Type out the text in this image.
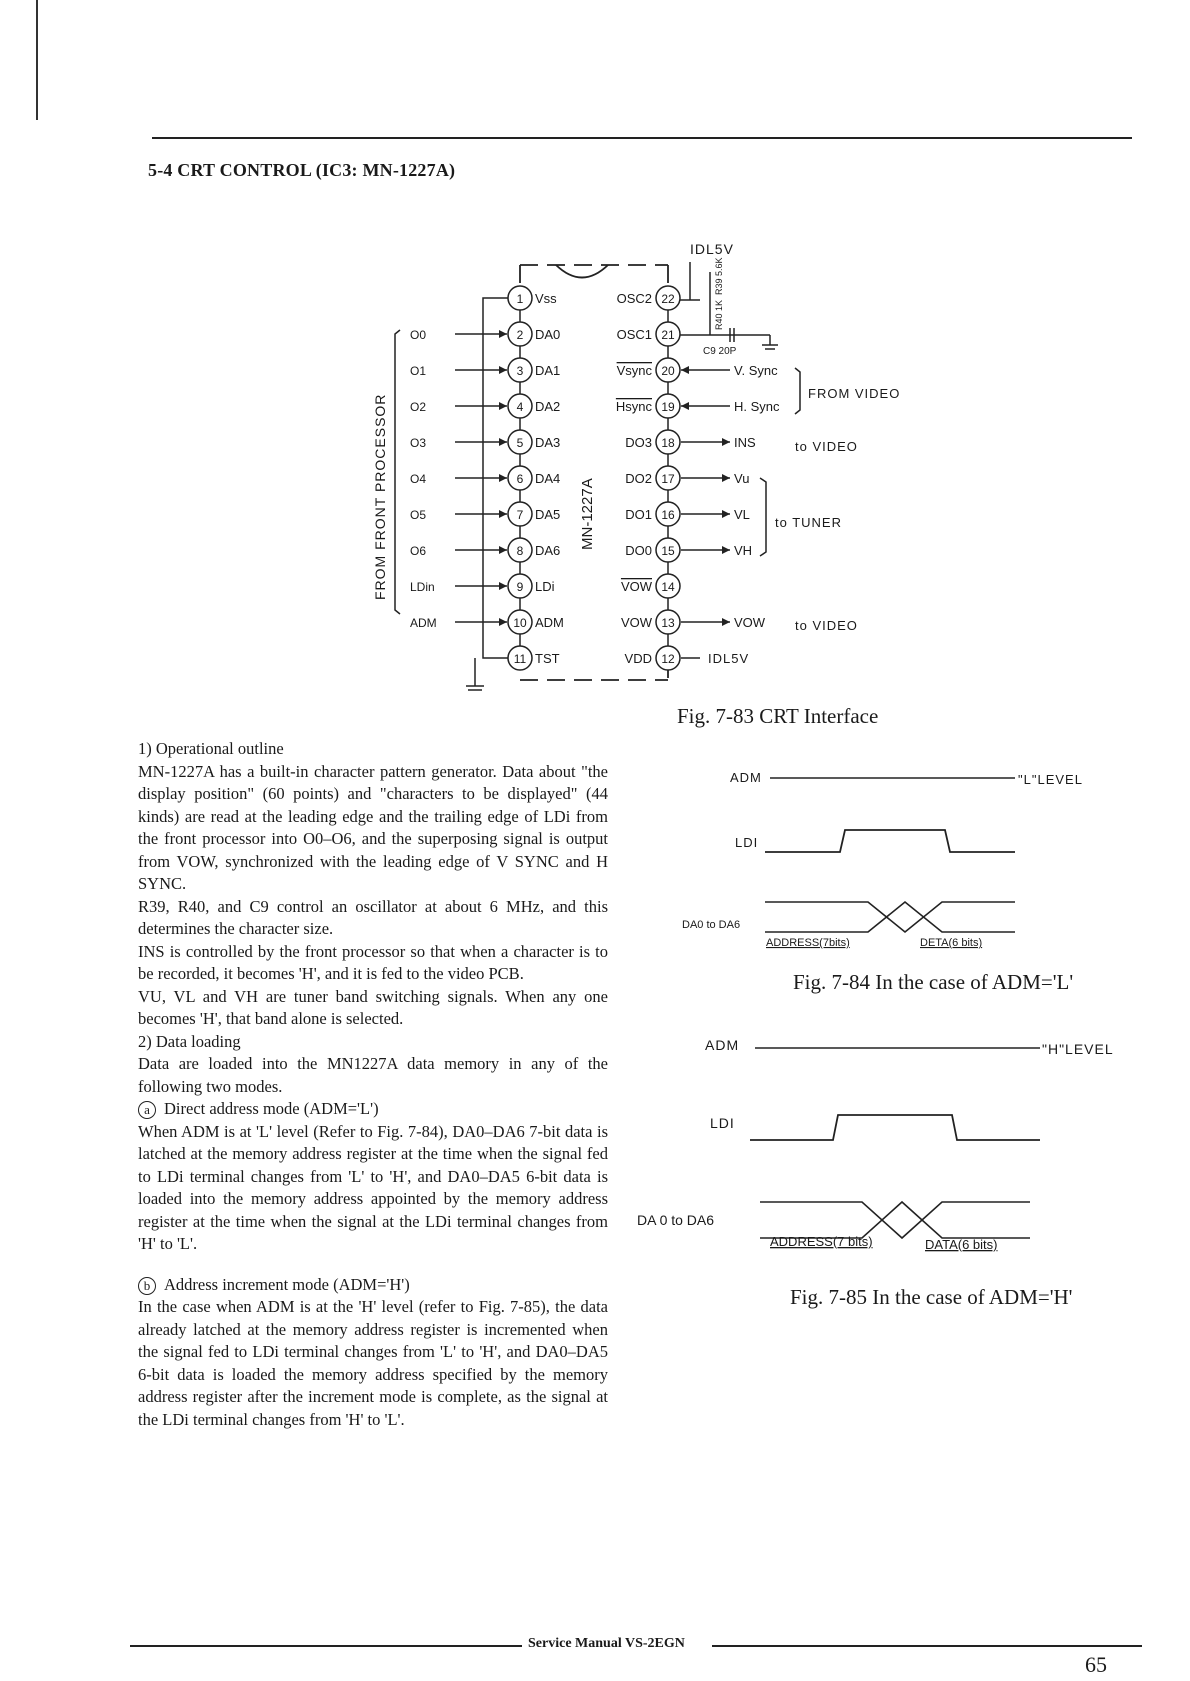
5-4 CRT CONTROL (IC3: MN-1227A)
IDL5V
MN-1227A
FROM FRONT PROCESSOR
1 Vss
2 DA0
O0
3 DA1
O1
4 DA2
O2
5 DA3
O3
6 DA4
O4
7 DA5
O5
8 DA6
O6
9 LDi
LDin
10 ADM
ADM
11 TST
22
OSC2
21
OSC1
20
Vsync
19
Hsync
18
DO3
17
DO2
16
DO1
15
DO0
14
VOW
13
VOW
12
VDD
V. Sync
H. Sync
INS
Vu
VL
VH
VOW
IDL5V
R39 5.6K
R40 1K
C9 20P
FROM VIDEO
to VIDEO
to TUNER
to VIDEO
Fig. 7-83 CRT Interface
ADM	"L"LEVEL
LDI
DA0 to DA6
ADDRESS(7bits)	DETA(6 bits)
Fig. 7-84 In the case of ADM='L'
ADM	"H"LEVEL
LDI
DA 0 to DA6
ADDRESS(7 bits)	DATA(6 bits)
Fig. 7-85 In the case of ADM='H'

1) Operational outline

MN-1227A has a built-in character pattern generator. Data about "the display position" (60 points) and "characters to be displayed" (44 kinds) are read at the leading edge and the trailing edge of LDi from the front processor into O0–O6, and the superposing signal is output from VOW, synchronized with the leading edge of V SYNC and H SYNC.

R39, R40, and C9 control an oscillator at about 6 MHz, and this determines the character size.

INS is controlled by the front processor so that when a character is to be recorded, it becomes 'H', and it is fed to the video PCB.

VU, VL and VH are tuner band switching signals. When any one becomes 'H', that band alone is selected.

2) Data loading

Data are loaded into the MN1227A data memory in any of the following two modes.

a Direct address mode (ADM='L')

When ADM is at 'L' level (Refer to Fig. 7-84), DA0–DA6 7-bit data is latched at the memory address register at the time when the signal fed to LDi terminal changes from 'L' to 'H', and DA0–DA5 6-bit data is loaded into the memory address appointed by the memory address register at the time when the signal at the LDi terminal changes from 'H' to 'L'.

b Address increment mode (ADM='H')

In the case when ADM is at the 'H' level (refer to Fig. 7-85), the data already latched at the memory address register is incremented when the signal fed to LDi terminal changes from 'L' to 'H', and DA0–DA5 6-bit data is loaded the memory address specified by the memory address register after the increment mode is complete, as the signal at the LDi terminal changes from 'H' to 'L'.

Service Manual VS-2EGN
65
